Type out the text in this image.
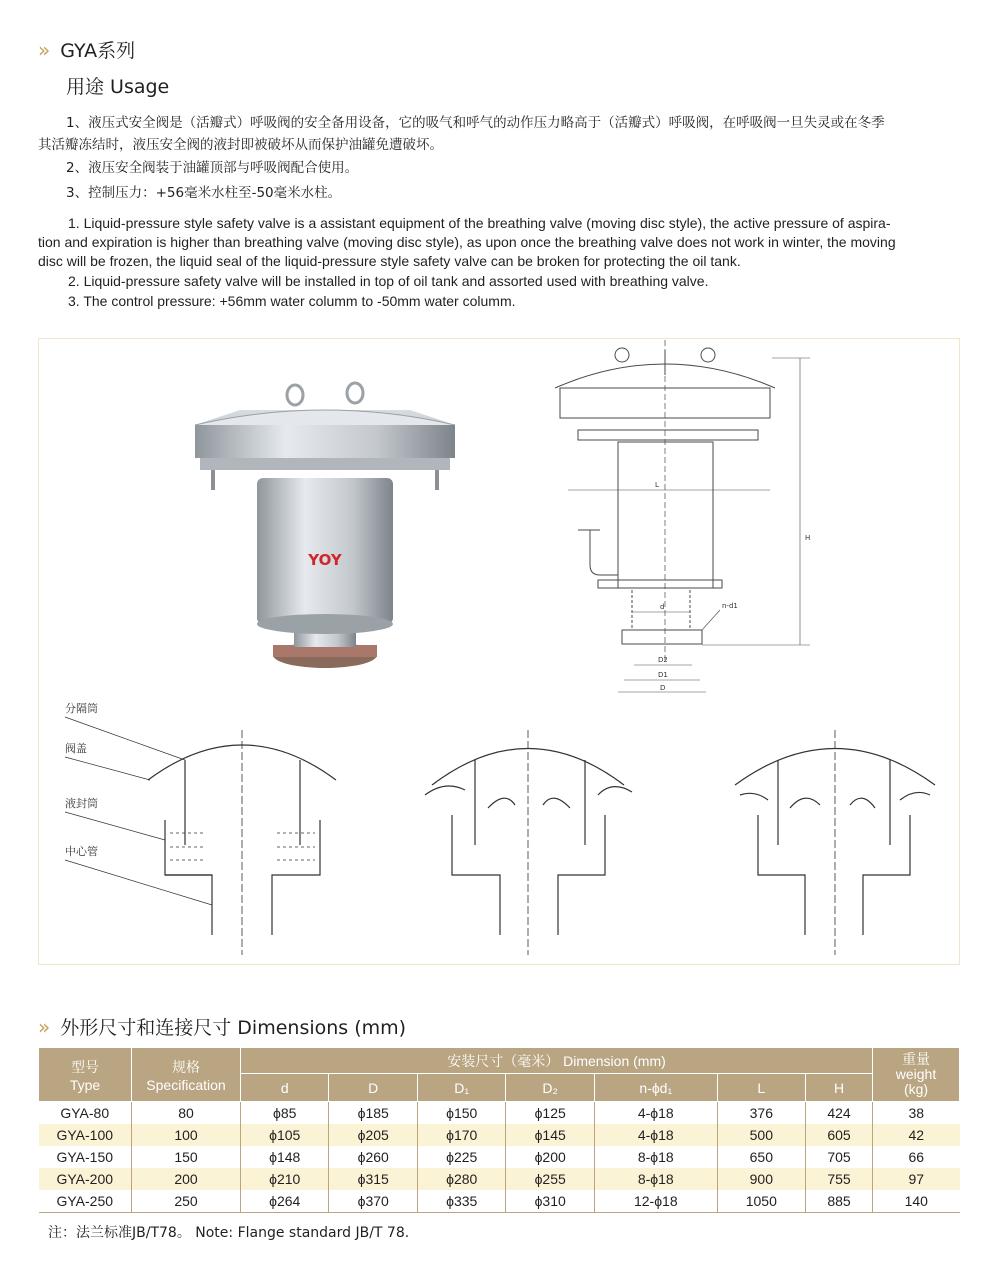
» GYA系列
用途 Usage
1、液压式安全阀是（活瓣式）呼吸阀的安全备用设备，它的吸气和呼气的动作压力略高于（活瓣式）呼吸阀，在呼吸阀一旦失灵或在冬季
其活瓣冻结时，液压安全阀的液封即被破坏从而保护油罐免遭破坏。
2、液压安全阀装于油罐顶部与呼吸阀配合使用。
3、控制压力：+56毫米水柱至-50毫米水柱。
1. Liquid-pressure style safety valve is a assistant equipment of the breathing valve (moving disc style), the active pressure of aspira-
tion and expiration is higher than breathing valve (moving disc style), as upon once the breathing valve does not work in winter, the moving
disc will be frozen, the liquid seal of the liquid-pressure style safety valve can be broken for protecting the oil tank.
2. Liquid-pressure safety valve will be installed in top of oil tank and assorted used with breathing valve.
3. The control pressure: +56mm water columm to -50mm water columm.
YOY
L
H
d	n-d1
D2
D1
D
分隔筒
阀盖
液封筒
中心管
» 外形尺寸和连接尺寸 Dimensions (mm)
型号
Type	规格
Specification	安装尺寸（毫米） Dimension (mm)							重量
weight
(kg)
		d	D	D₁	D₂	n-ϕd₁	L	H	
GYA-80	80	ϕ85	ϕ185	ϕ150	ϕ125	4-ϕ18	376	424	38
GYA-100	100	ϕ105	ϕ205	ϕ170	ϕ145	4-ϕ18	500	605	42
GYA-150	150	ϕ148	ϕ260	ϕ225	ϕ200	8-ϕ18	650	705	66
GYA-200	200	ϕ210	ϕ315	ϕ280	ϕ255	8-ϕ18	900	755	97
GYA-250	250	ϕ264	ϕ370	ϕ335	ϕ310	12-ϕ18	1050	885	140
注：法兰标准JB/T78。 Note: Flange standard JB/T 78.
